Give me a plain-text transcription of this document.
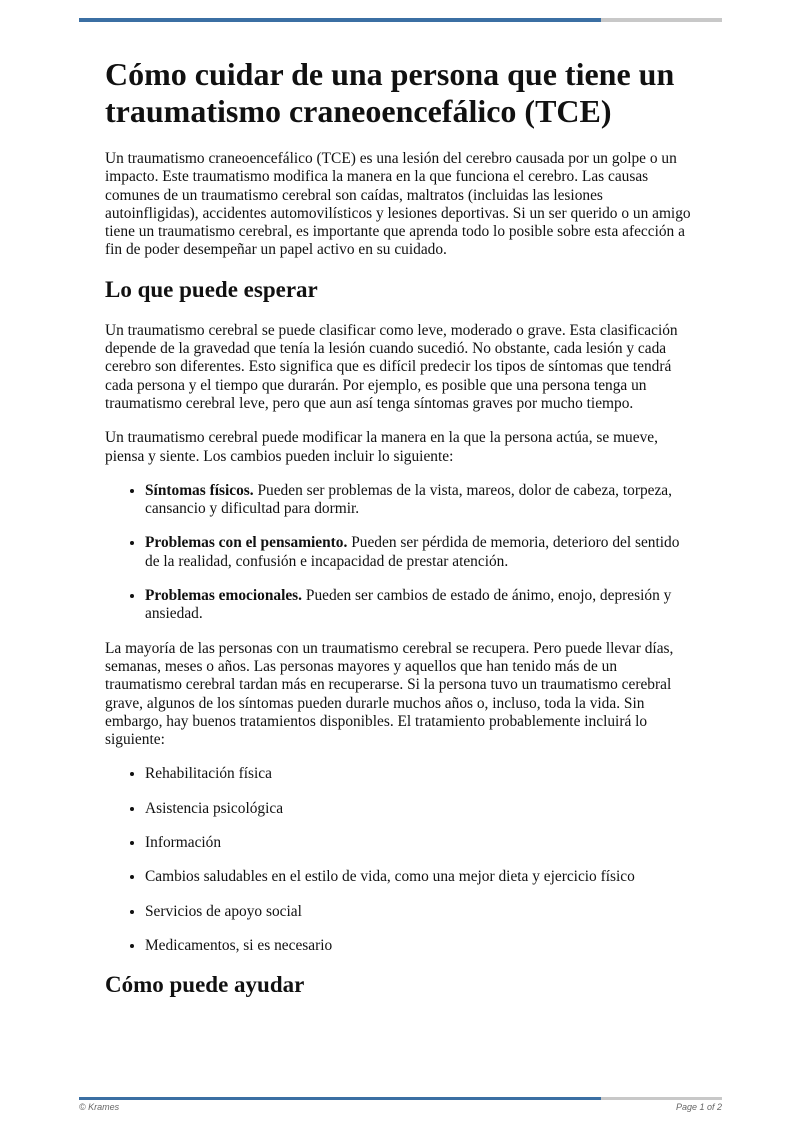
Cómo cuidar de una persona que tiene un traumatismo craneoencefálico (TCE)

Un traumatismo craneoencefálico (TCE) es una lesión del cerebro causada por un golpe o un impacto. Este traumatismo modifica la manera en la que funciona el cerebro. Las causas comunes de un traumatismo cerebral son caídas, maltratos (incluidas las lesiones autoinfligidas), accidentes automovilísticos y lesiones deportivas. Si un ser querido o un amigo tiene un traumatismo cerebral, es importante que aprenda todo lo posible sobre esta afección a fin de poder desempeñar un papel activo en su cuidado.

Lo que puede esperar

Un traumatismo cerebral se puede clasificar como leve, moderado o grave. Esta clasificación depende de la gravedad que tenía la lesión cuando sucedió. No obstante, cada lesión y cada cerebro son diferentes. Esto significa que es difícil predecir los tipos de síntomas que tendrá cada persona y el tiempo que durarán. Por ejemplo, es posible que una persona tenga un traumatismo cerebral leve, pero que aun así tenga síntomas graves por mucho tiempo.

Un traumatismo cerebral puede modificar la manera en la que la persona actúa, se mueve, piensa y siente. Los cambios pueden incluir lo siguiente:

• Síntomas físicos. Pueden ser problemas de la vista, mareos, dolor de cabeza, torpeza, cansancio y dificultad para dormir.
• Problemas con el pensamiento. Pueden ser pérdida de memoria, deterioro del sentido de la realidad, confusión e incapacidad de prestar atención.
• Problemas emocionales. Pueden ser cambios de estado de ánimo, enojo, depresión y ansiedad.

La mayoría de las personas con un traumatismo cerebral se recupera. Pero puede llevar días, semanas, meses o años. Las personas mayores y aquellos que han tenido más de un traumatismo cerebral tardan más en recuperarse. Si la persona tuvo un traumatismo cerebral grave, algunos de los síntomas pueden durarle muchos años o, incluso, toda la vida. Sin embargo, hay buenos tratamientos disponibles. El tratamiento probablemente incluirá lo siguiente:

• Rehabilitación física
• Asistencia psicológica
• Información
• Cambios saludables en el estilo de vida, como una mejor dieta y ejercicio físico
• Servicios de apoyo social
• Medicamentos, si es necesario
Cómo puede ayudar
© Krames	Page 1 of 2
